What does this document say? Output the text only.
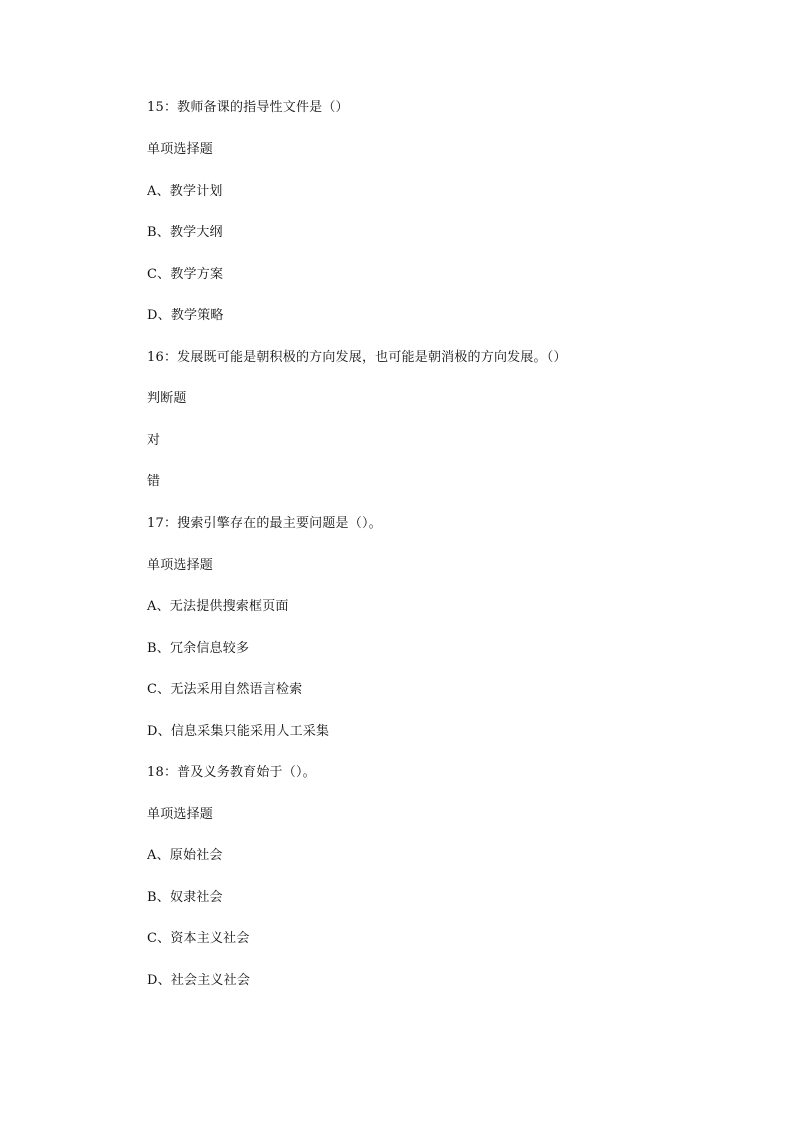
15：教师备课的指导性文件是（）
单项选择题
A、教学计划
B、教学大纲
C、教学方案
D、教学策略
16：发展既可能是朝积极的方向发展，也可能是朝消极的方向发展。（）
判断题
对
错
17：搜索引擎存在的最主要问题是（）。
单项选择题
A、无法提供搜索框页面
B、冗余信息较多
C、无法采用自然语言检索
D、信息采集只能采用人工采集
18：普及义务教育始于（）。
单项选择题
A、原始社会
B、奴隶社会
C、资本主义社会
D、社会主义社会
